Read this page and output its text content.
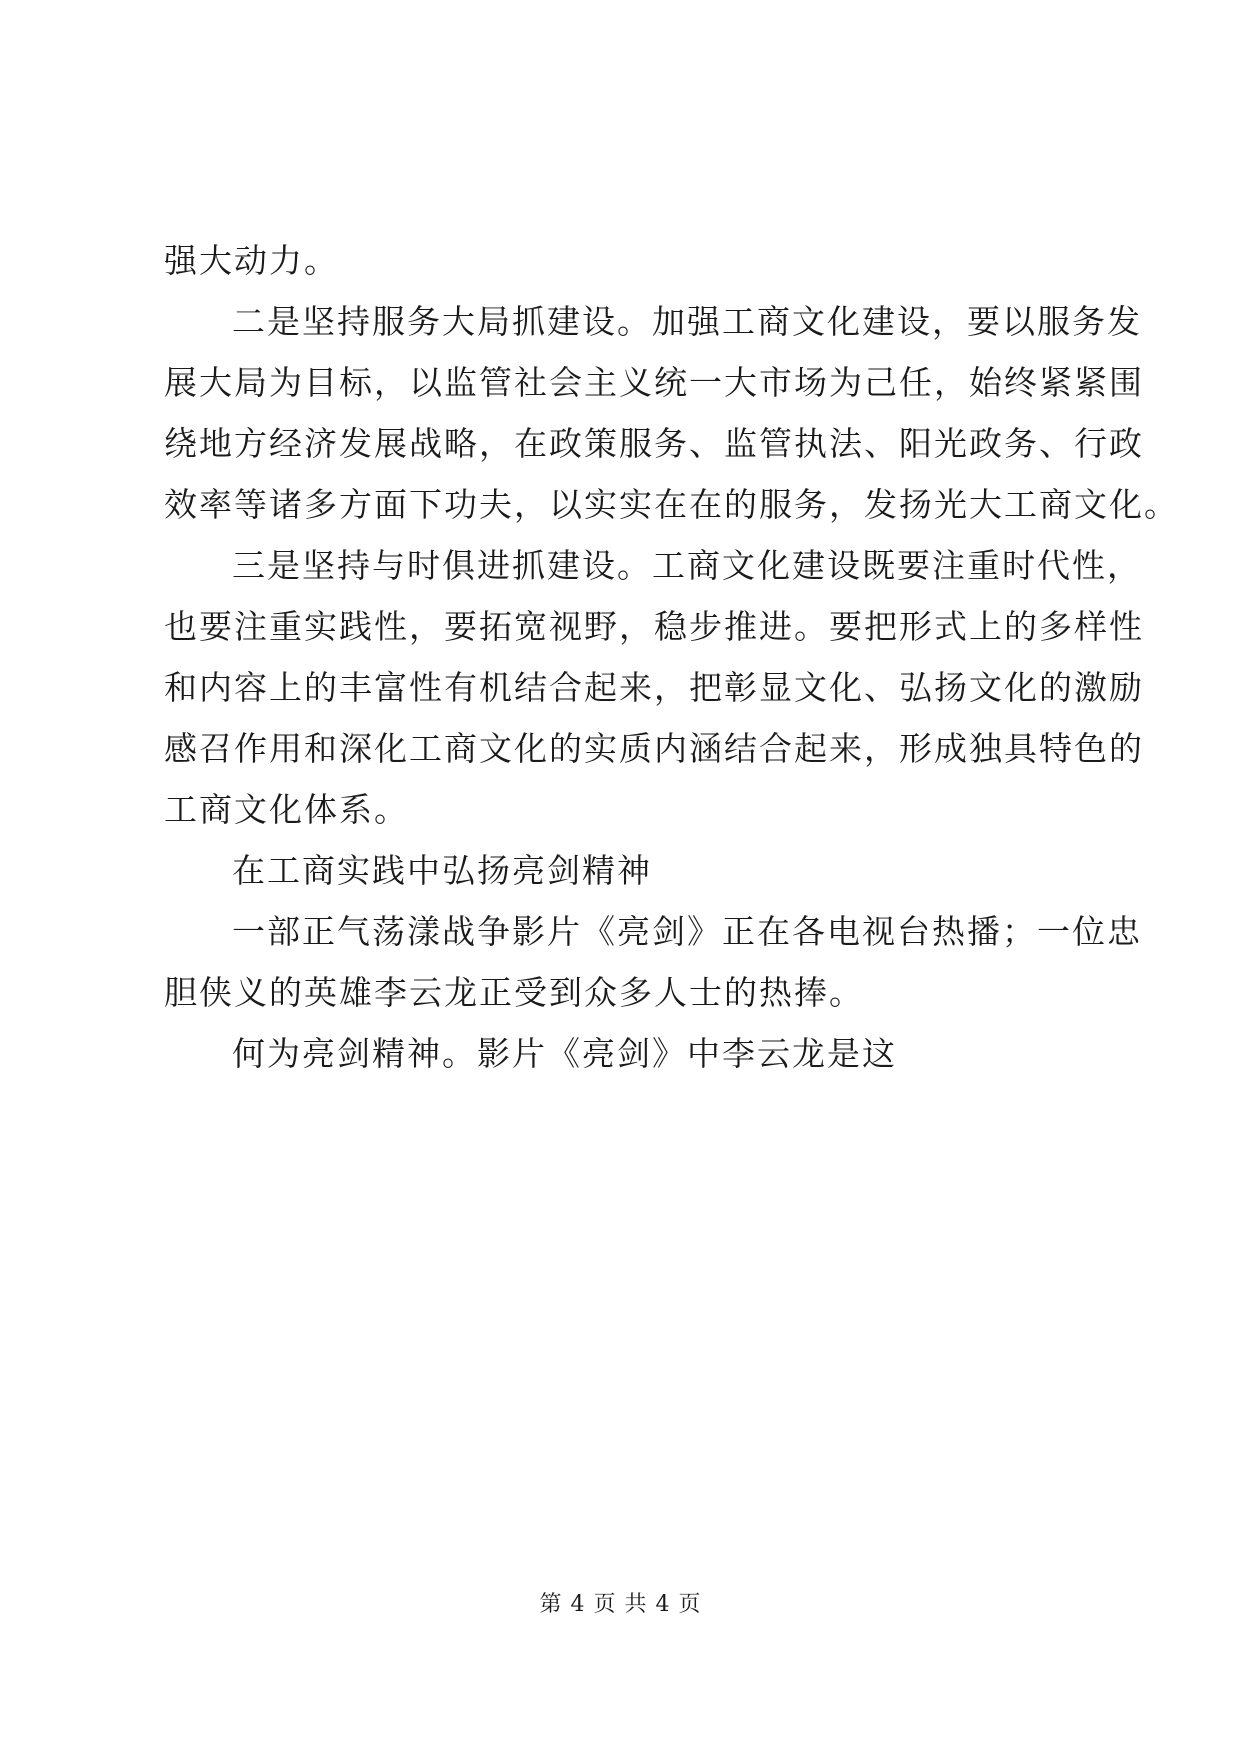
强大动力。
二是坚持服务大局抓建设。加强工商文化建设，要以服务发
展大局为目标，以监管社会主义统一大市场为己任，始终紧紧围
绕地方经济发展战略，在政策服务、监管执法、阳光政务、行政
效率等诸多方面下功夫，以实实在在的服务，发扬光大工商文化。
三是坚持与时俱进抓建设。工商文化建设既要注重时代性，
也要注重实践性，要拓宽视野，稳步推进。要把形式上的多样性
和内容上的丰富性有机结合起来，把彰显文化、弘扬文化的激励
感召作用和深化工商文化的实质内涵结合起来，形成独具特色的
工商文化体系。
在工商实践中弘扬亮剑精神
一部正气荡漾战争影片《亮剑》正在各电视台热播；一位忠
胆侠义的英雄李云龙正受到众多人士的热捧。
何为亮剑精神。影片《亮剑》中李云龙是这
第 4 页 共 4 页
